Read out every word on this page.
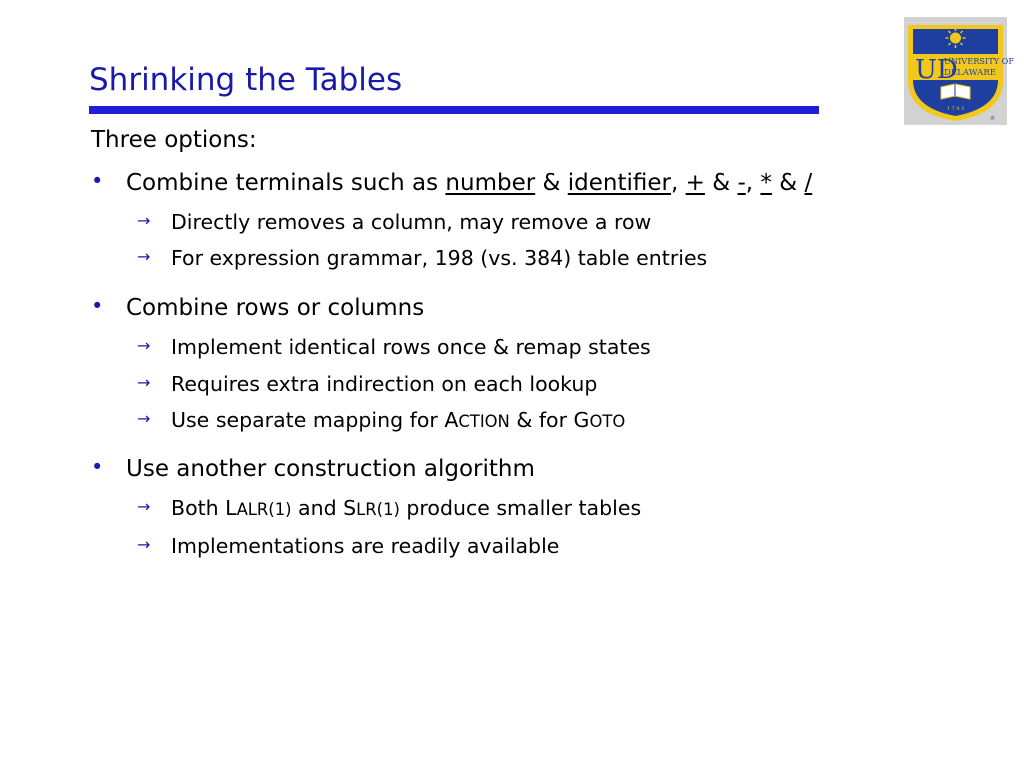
Shrinking the Tables	UD
UNIVERSITY OF
DELAWARE
1 7 4 3
®
Three options:
• Combine terminals such as number & identifier, + & -, * & /
→ Directly removes a column, may remove a row
→ For expression grammar, 198 (vs. 384) table entries
• Combine rows or columns
→ Implement identical rows once & remap states
→ Requires extra indirection on each lookup
→ Use separate mapping for ACTION & for GOTO
• Use another construction algorithm
→ Both LALR(1) and SLR(1) produce smaller tables
→ Implementations are readily available
